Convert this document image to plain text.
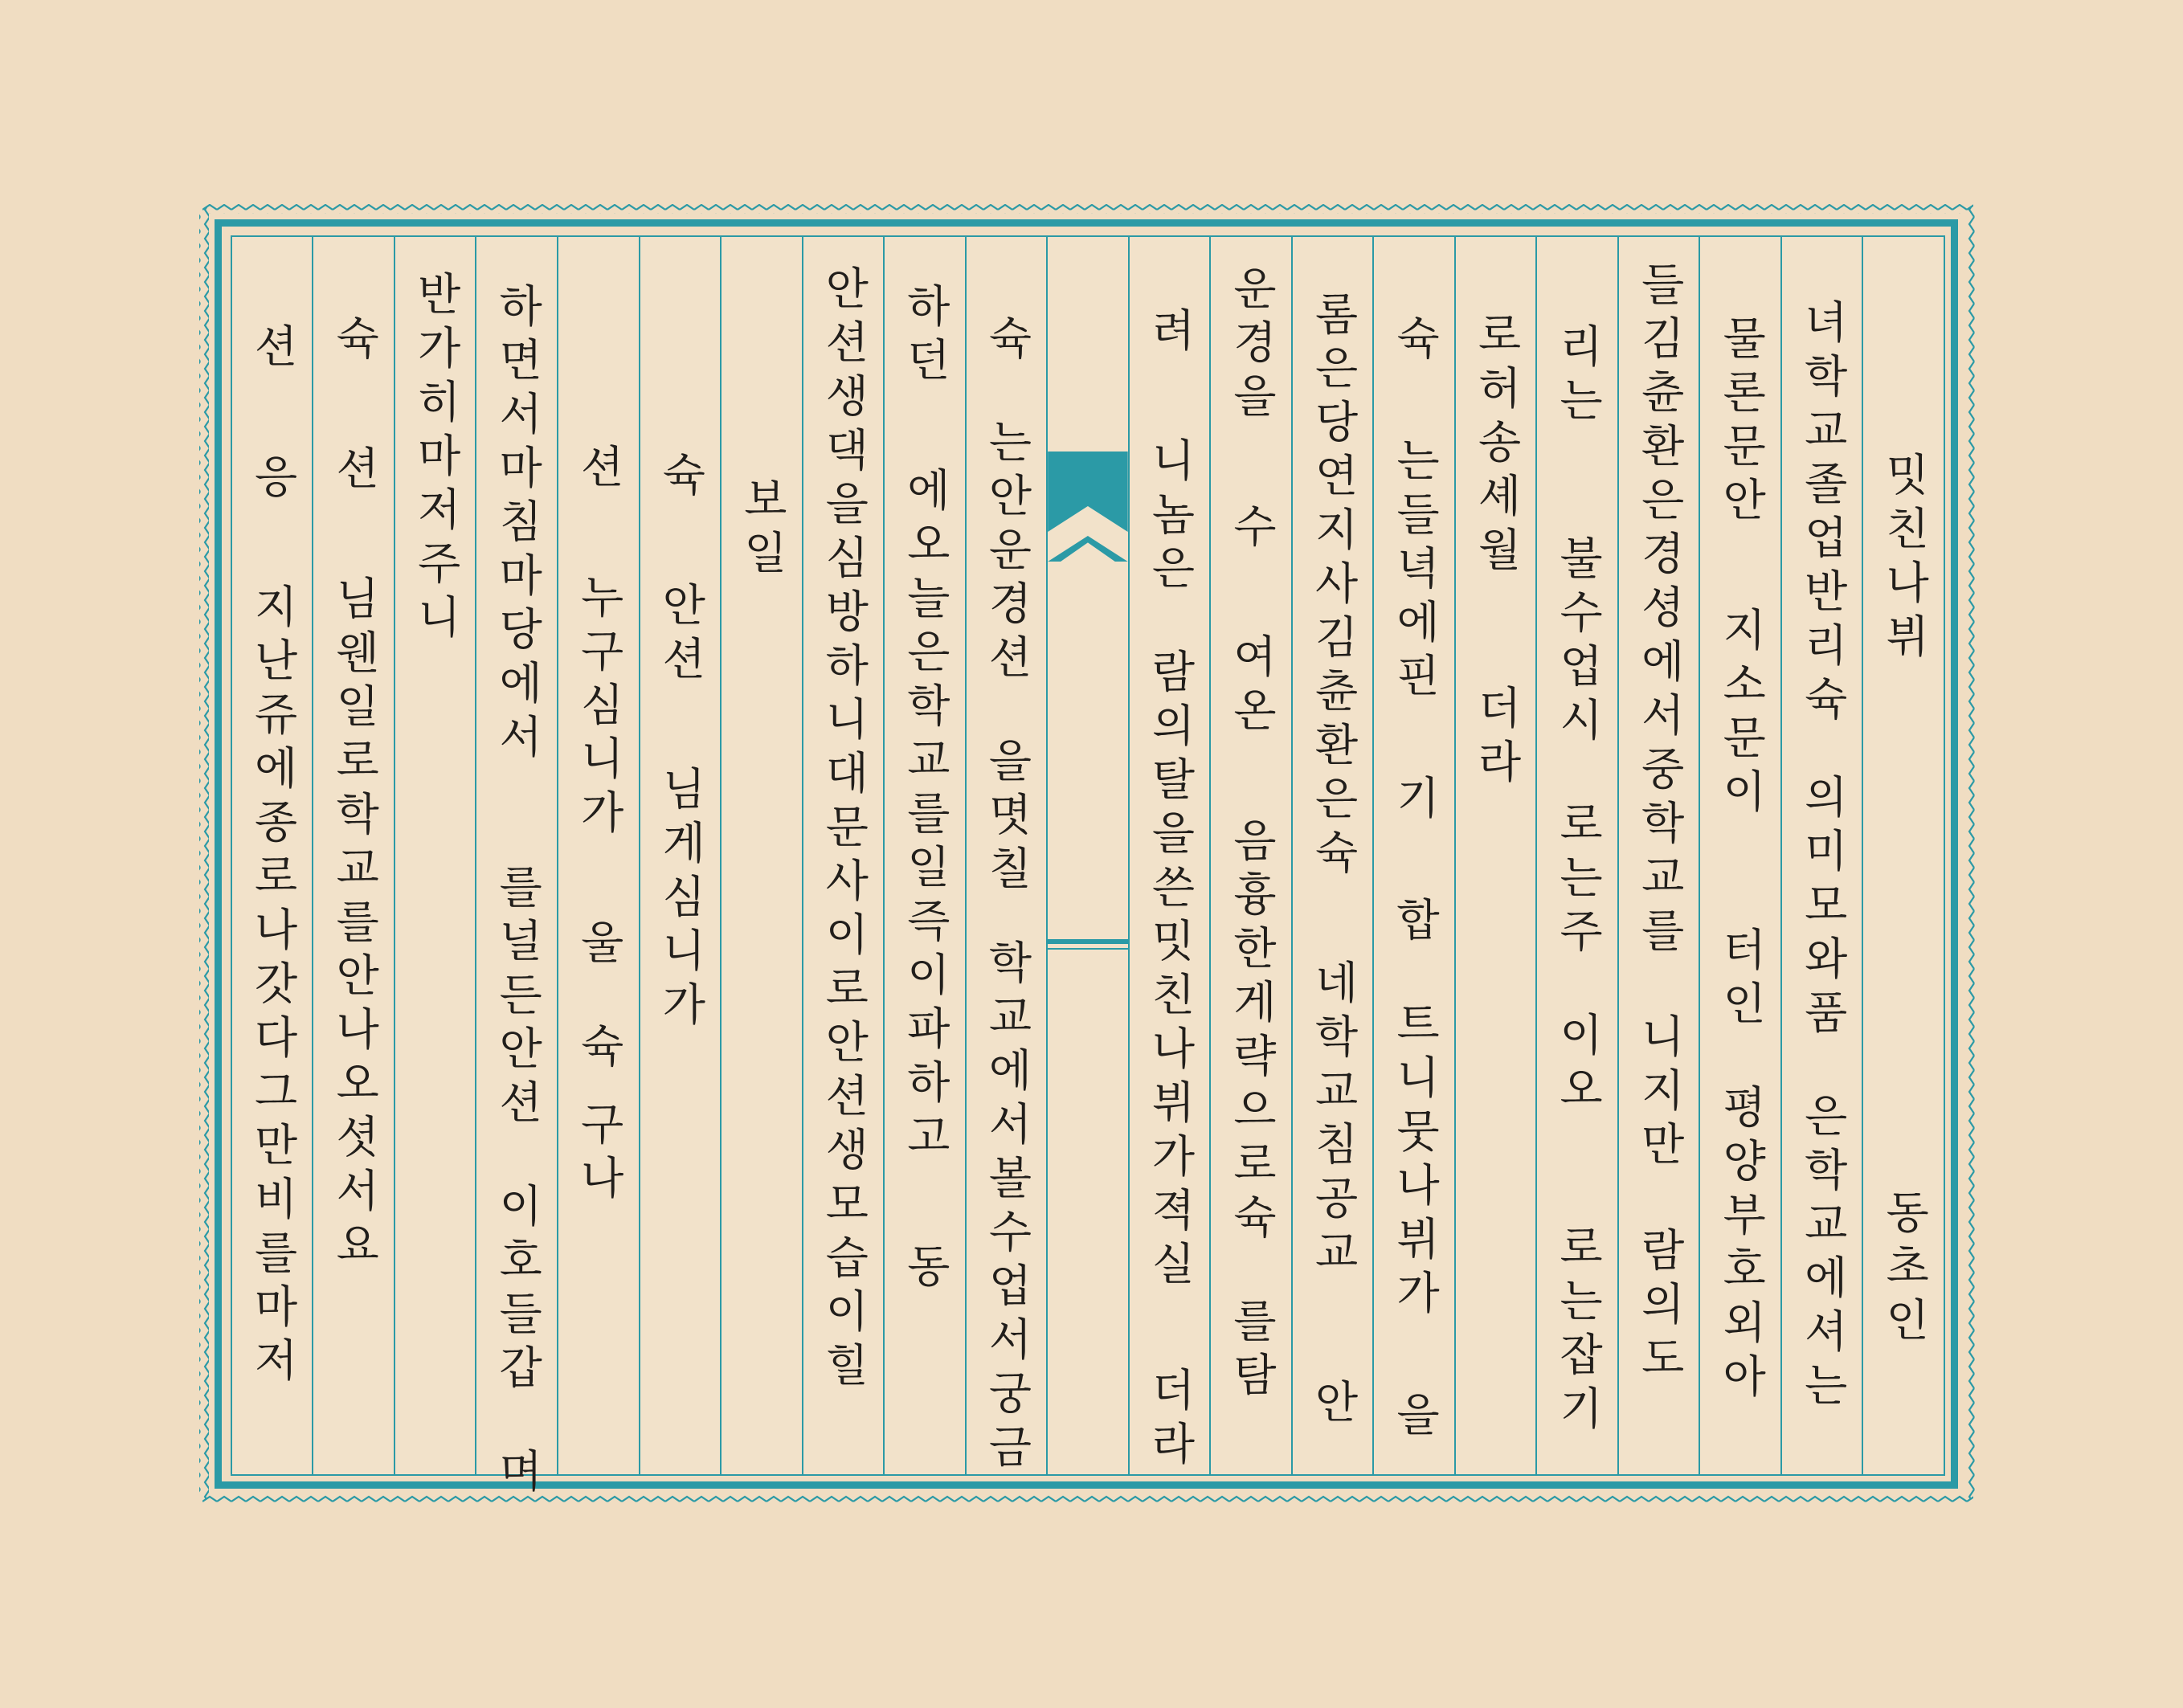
밋친나뷔
동초인
녀학교졸업반리슉
의미모와품
은학교에셔는
물론문안
지소문이
터인
평양부호외아
들김츈환은경셩에서중학교를
니지만
람의도
리는
불수업시
로는주
이오
로는잡기
로허송셰월
더라
슉
는들녁에핀
기
합
트니뭇나뷔가
을
롬은당연지사김츈환은슉
네학교침공교
안
운경을
수
여온
음흉한게략으로슉
를탐
려
니놈은
람의탈을쓴밋친나뷔가젹실
더라
슉
는안운경션
을몃칠
학교에서볼수업서궁금
하던
에오늘은학교를일즉이파하고
동
안션생댁을심방하니대문사이로안션생모습이힐
보일
슉
안션
님게심니가
션
누구심니가
울
슉
구나
하면서마침마당에서
를널든안션
이호들갑
며
반가히마저주니
슉
션
님웬일로학교를안나오셧서요
션
응
지난쥬에종로나갓다그만비를마저
